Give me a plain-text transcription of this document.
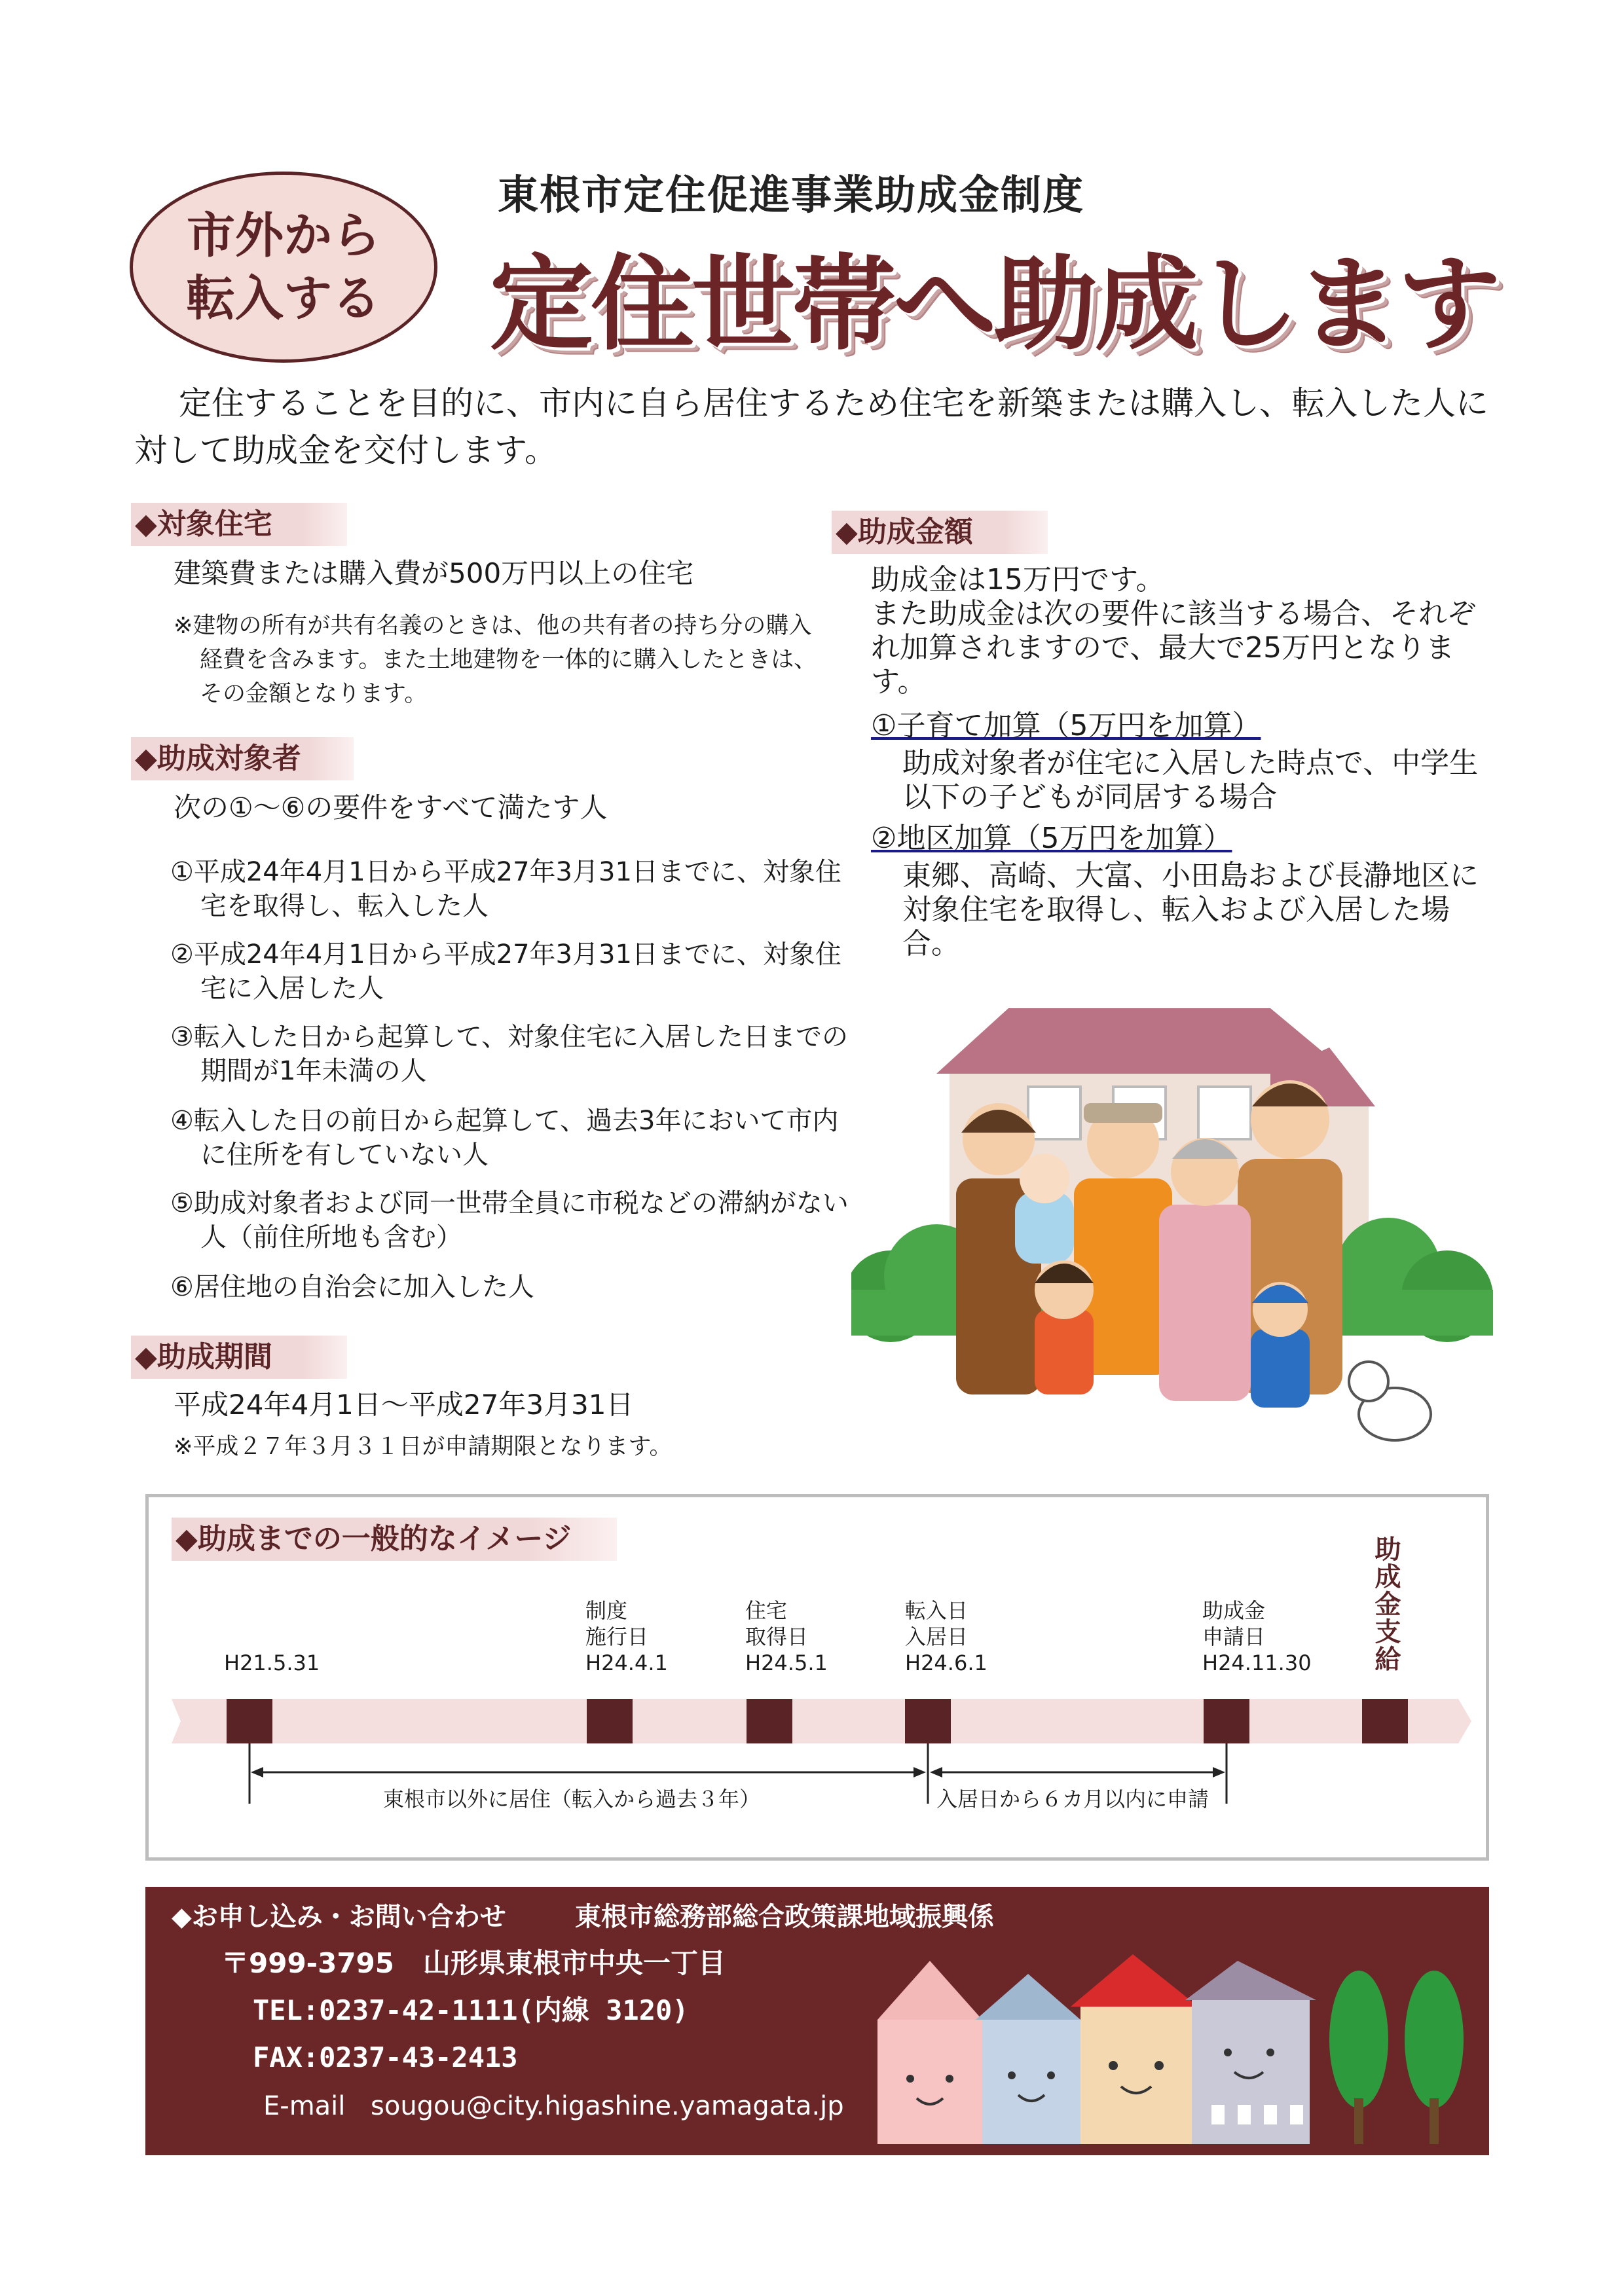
市外から
転入する
東根市定住促進事業助成金制度
定住世帯へ助成します
定住することを目的に、市内に自ら居住するため住宅を新築または購入し、転入した人に対して助成金を交付します。
◆対象住宅
建築費または購入費が500万円以上の住宅
※建物の所有が共有名義のときは、他の共有者の持ち分の購入経費を含みます。また土地建物を一体的に購入したときは、その金額となります。
◆助成対象者
次の①～⑥の要件をすべて満たす人
①平成24年4月1日から平成27年3月31日までに、対象住宅を取得し、転入した人
②平成24年4月1日から平成27年3月31日までに、対象住宅に入居した人
③転入した日から起算して、対象住宅に入居した日までの期間が1年未満の人
④転入した日の前日から起算して、過去3年において市内に住所を有していない人
⑤助成対象者および同一世帯全員に市税などの滞納がない人（前住所地も含む）
⑥居住地の自治会に加入した人
◆助成期間
平成24年4月1日～平成27年3月31日
※平成２７年３月３１日が申請期限となります。
◆助成金額
助成金は15万円です。
また助成金は次の要件に該当する場合、それぞれ加算されますので、最大で25万円となります。
①子育て加算（5万円を加算）
助成対象者が住宅に入居した時点で、中学生以下の子どもが同居する場合
②地区加算（5万円を加算）
東郷、高崎、大富、小田島および長瀞地区に対象住宅を取得し、転入および入居した場合。
◆助成までの一般的なイメージ
H21.5.31
制度
施行日
H24.4.1
住宅
取得日
H24.5.1
転入日
入居日
H24.6.1
助成金
申請日
H24.11.30 助成金支給
東根市以外に居住（転入から過去３年）	入居日から６カ月以内に申請
◆お申し込み・お問い合わせ	東根市総務部総合政策課地域振興係
〒999-3795 山形県東根市中央一丁目
TEL:0237-42-1111(内線 3120)
FAX:0237-43-2413
E-mail sougou@city.higashine.yamagata.jp
